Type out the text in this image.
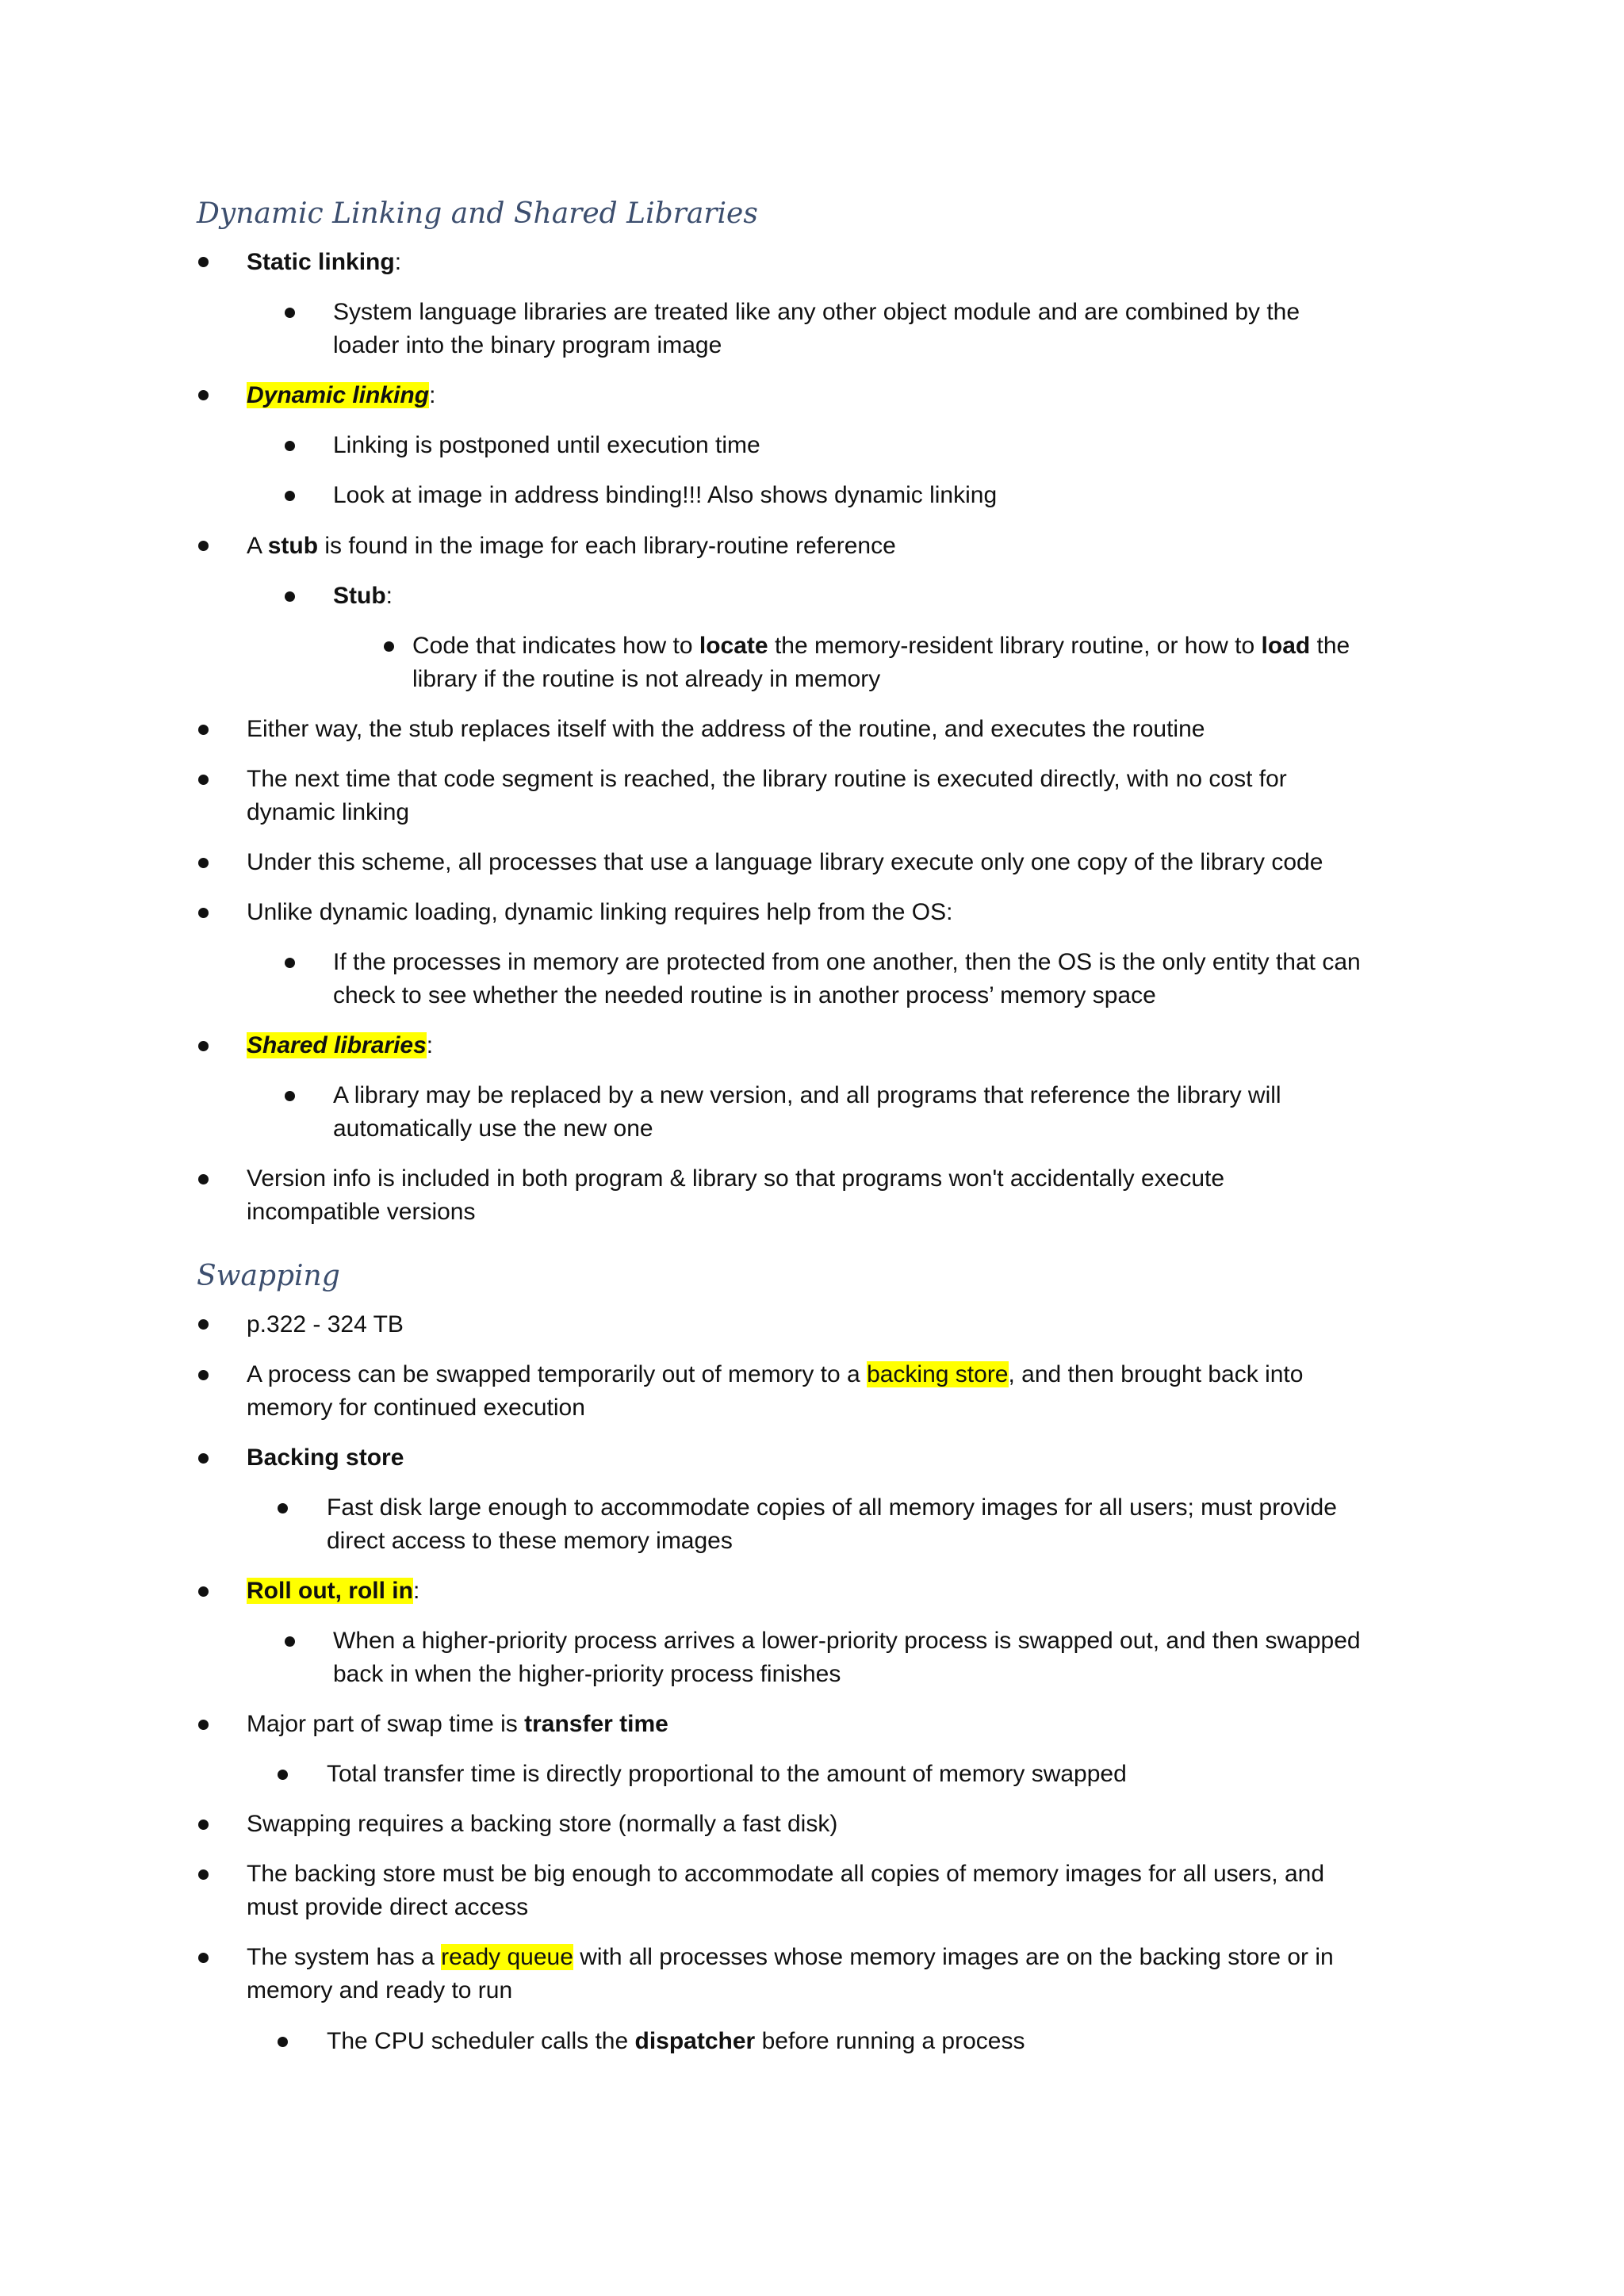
Dynamic Linking and Shared Libraries
Static linking:
System language libraries are treated like any other object module and are combined by the
loader into the binary program image
Dynamic linking:
Linking is postponed until execution time
Look at image in address binding!!! Also shows dynamic linking
A stub is found in the image for each library-routine reference
Stub:
Code that indicates how to locate the memory-resident library routine, or how to load the
library if the routine is not already in memory
Either way, the stub replaces itself with the address of the routine, and executes the routine
The next time that code segment is reached, the library routine is executed directly, with no cost for
dynamic linking
Under this scheme, all processes that use a language library execute only one copy of the library code
Unlike dynamic loading, dynamic linking requires help from the OS:
If the processes in memory are protected from one another, then the OS is the only entity that can
check to see whether the needed routine is in another process’ memory space
Shared libraries:
A library may be replaced by a new version, and all programs that reference the library will
automatically use the new one
Version info is included in both program & library so that programs won't accidentally execute
incompatible versions
Swapping
p.322 - 324 TB
A process can be swapped temporarily out of memory to a backing store, and then brought back into
memory for continued execution
Backing store
Fast disk large enough to accommodate copies of all memory images for all users; must provide
direct access to these memory images
Roll out, roll in:
When a higher-priority process arrives a lower-priority process is swapped out, and then swapped
back in when the higher-priority process finishes
Major part of swap time is transfer time
Total transfer time is directly proportional to the amount of memory swapped
Swapping requires a backing store (normally a fast disk)
The backing store must be big enough to accommodate all copies of memory images for all users, and
must provide direct access
The system has a ready queue with all processes whose memory images are on the backing store or in
memory and ready to run
The CPU scheduler calls the dispatcher before running a process
